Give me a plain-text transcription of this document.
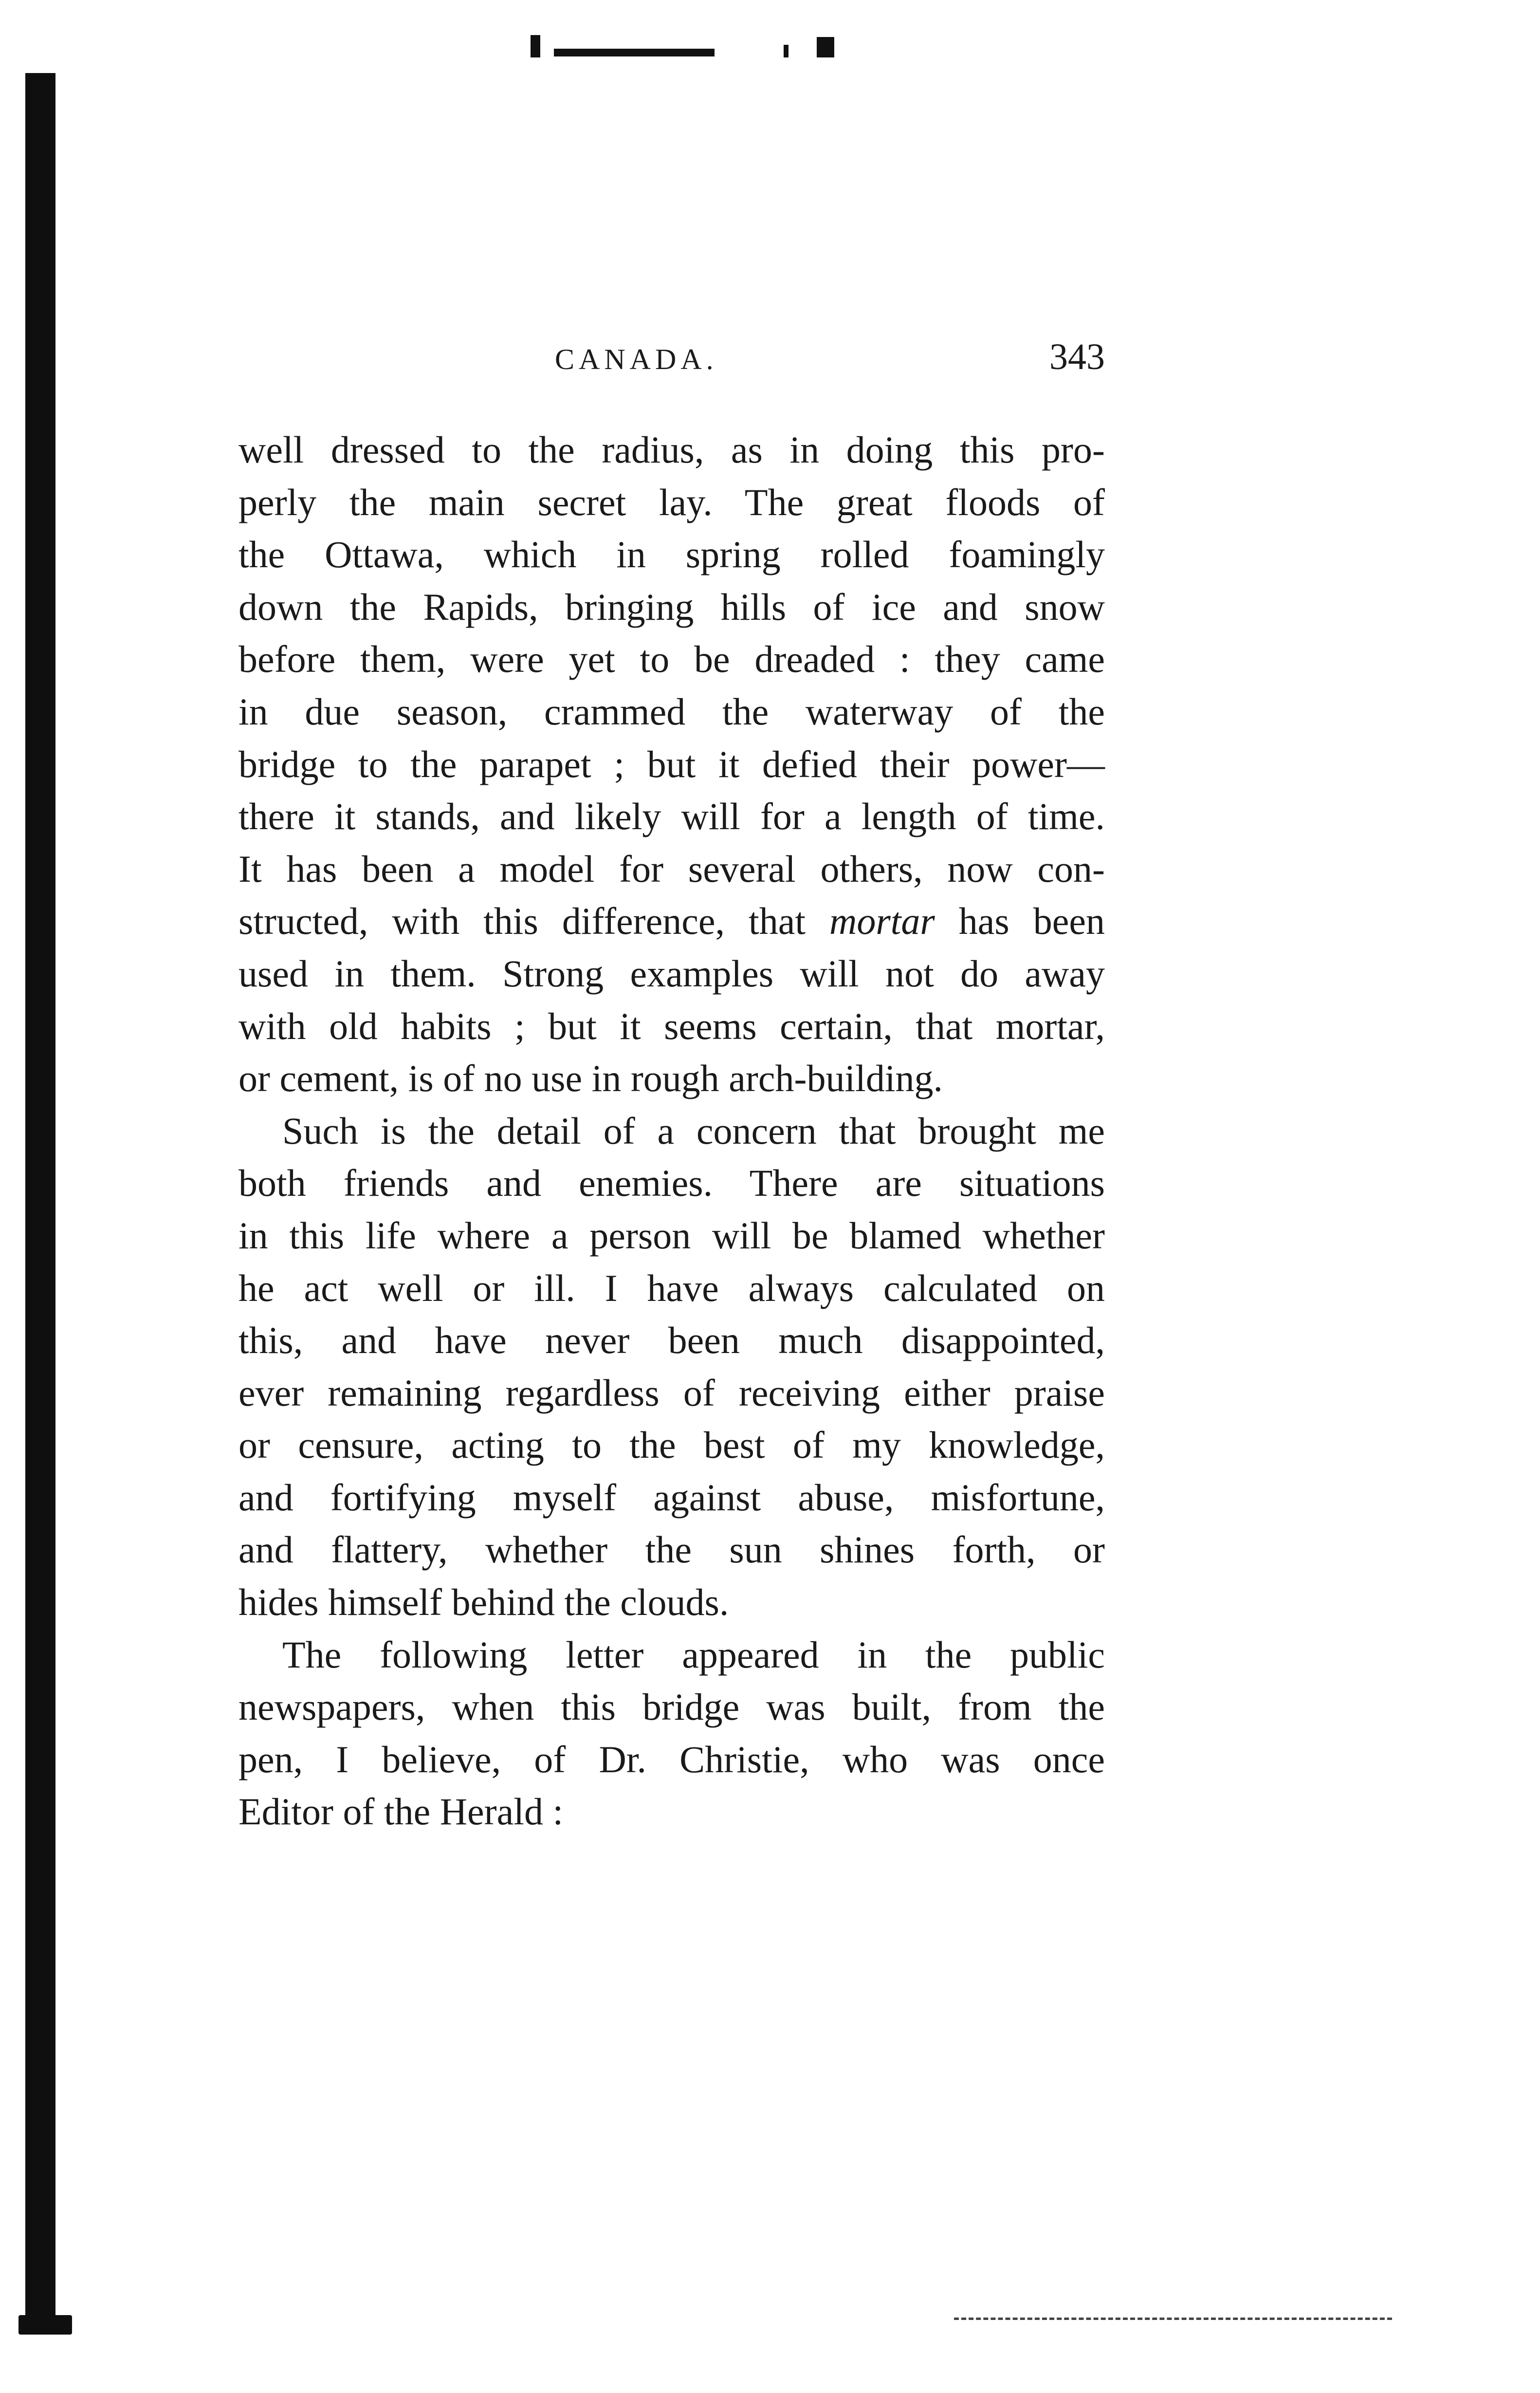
CANADA.	343
well dressed to the radius, as in doing this pro-
perly the main secret lay. The great floods of
the Ottawa, which in spring rolled foamingly
down the Rapids, bringing hills of ice and snow
before them, were yet to be dreaded : they came
in due season, crammed the waterway of the
bridge to the parapet ; but it defied their power—
there it stands, and likely will for a length of time.
It has been a model for several others, now con-
structed, with this difference, that mortar has been
used in them. Strong examples will not do away
with old habits ; but it seems certain, that mortar,
or cement, is of no use in rough arch-building.
Such is the detail of a concern that brought me
both friends and enemies. There are situations
in this life where a person will be blamed whether
he act well or ill. I have always calculated on
this, and have never been much disappointed,
ever remaining regardless of receiving either praise
or censure, acting to the best of my knowledge,
and fortifying myself against abuse, misfortune,
and flattery, whether the sun shines forth, or
hides himself behind the clouds.
The following letter appeared in the public
newspapers, when this bridge was built, from the
pen, I believe, of Dr. Christie, who was once
Editor of the Herald :
